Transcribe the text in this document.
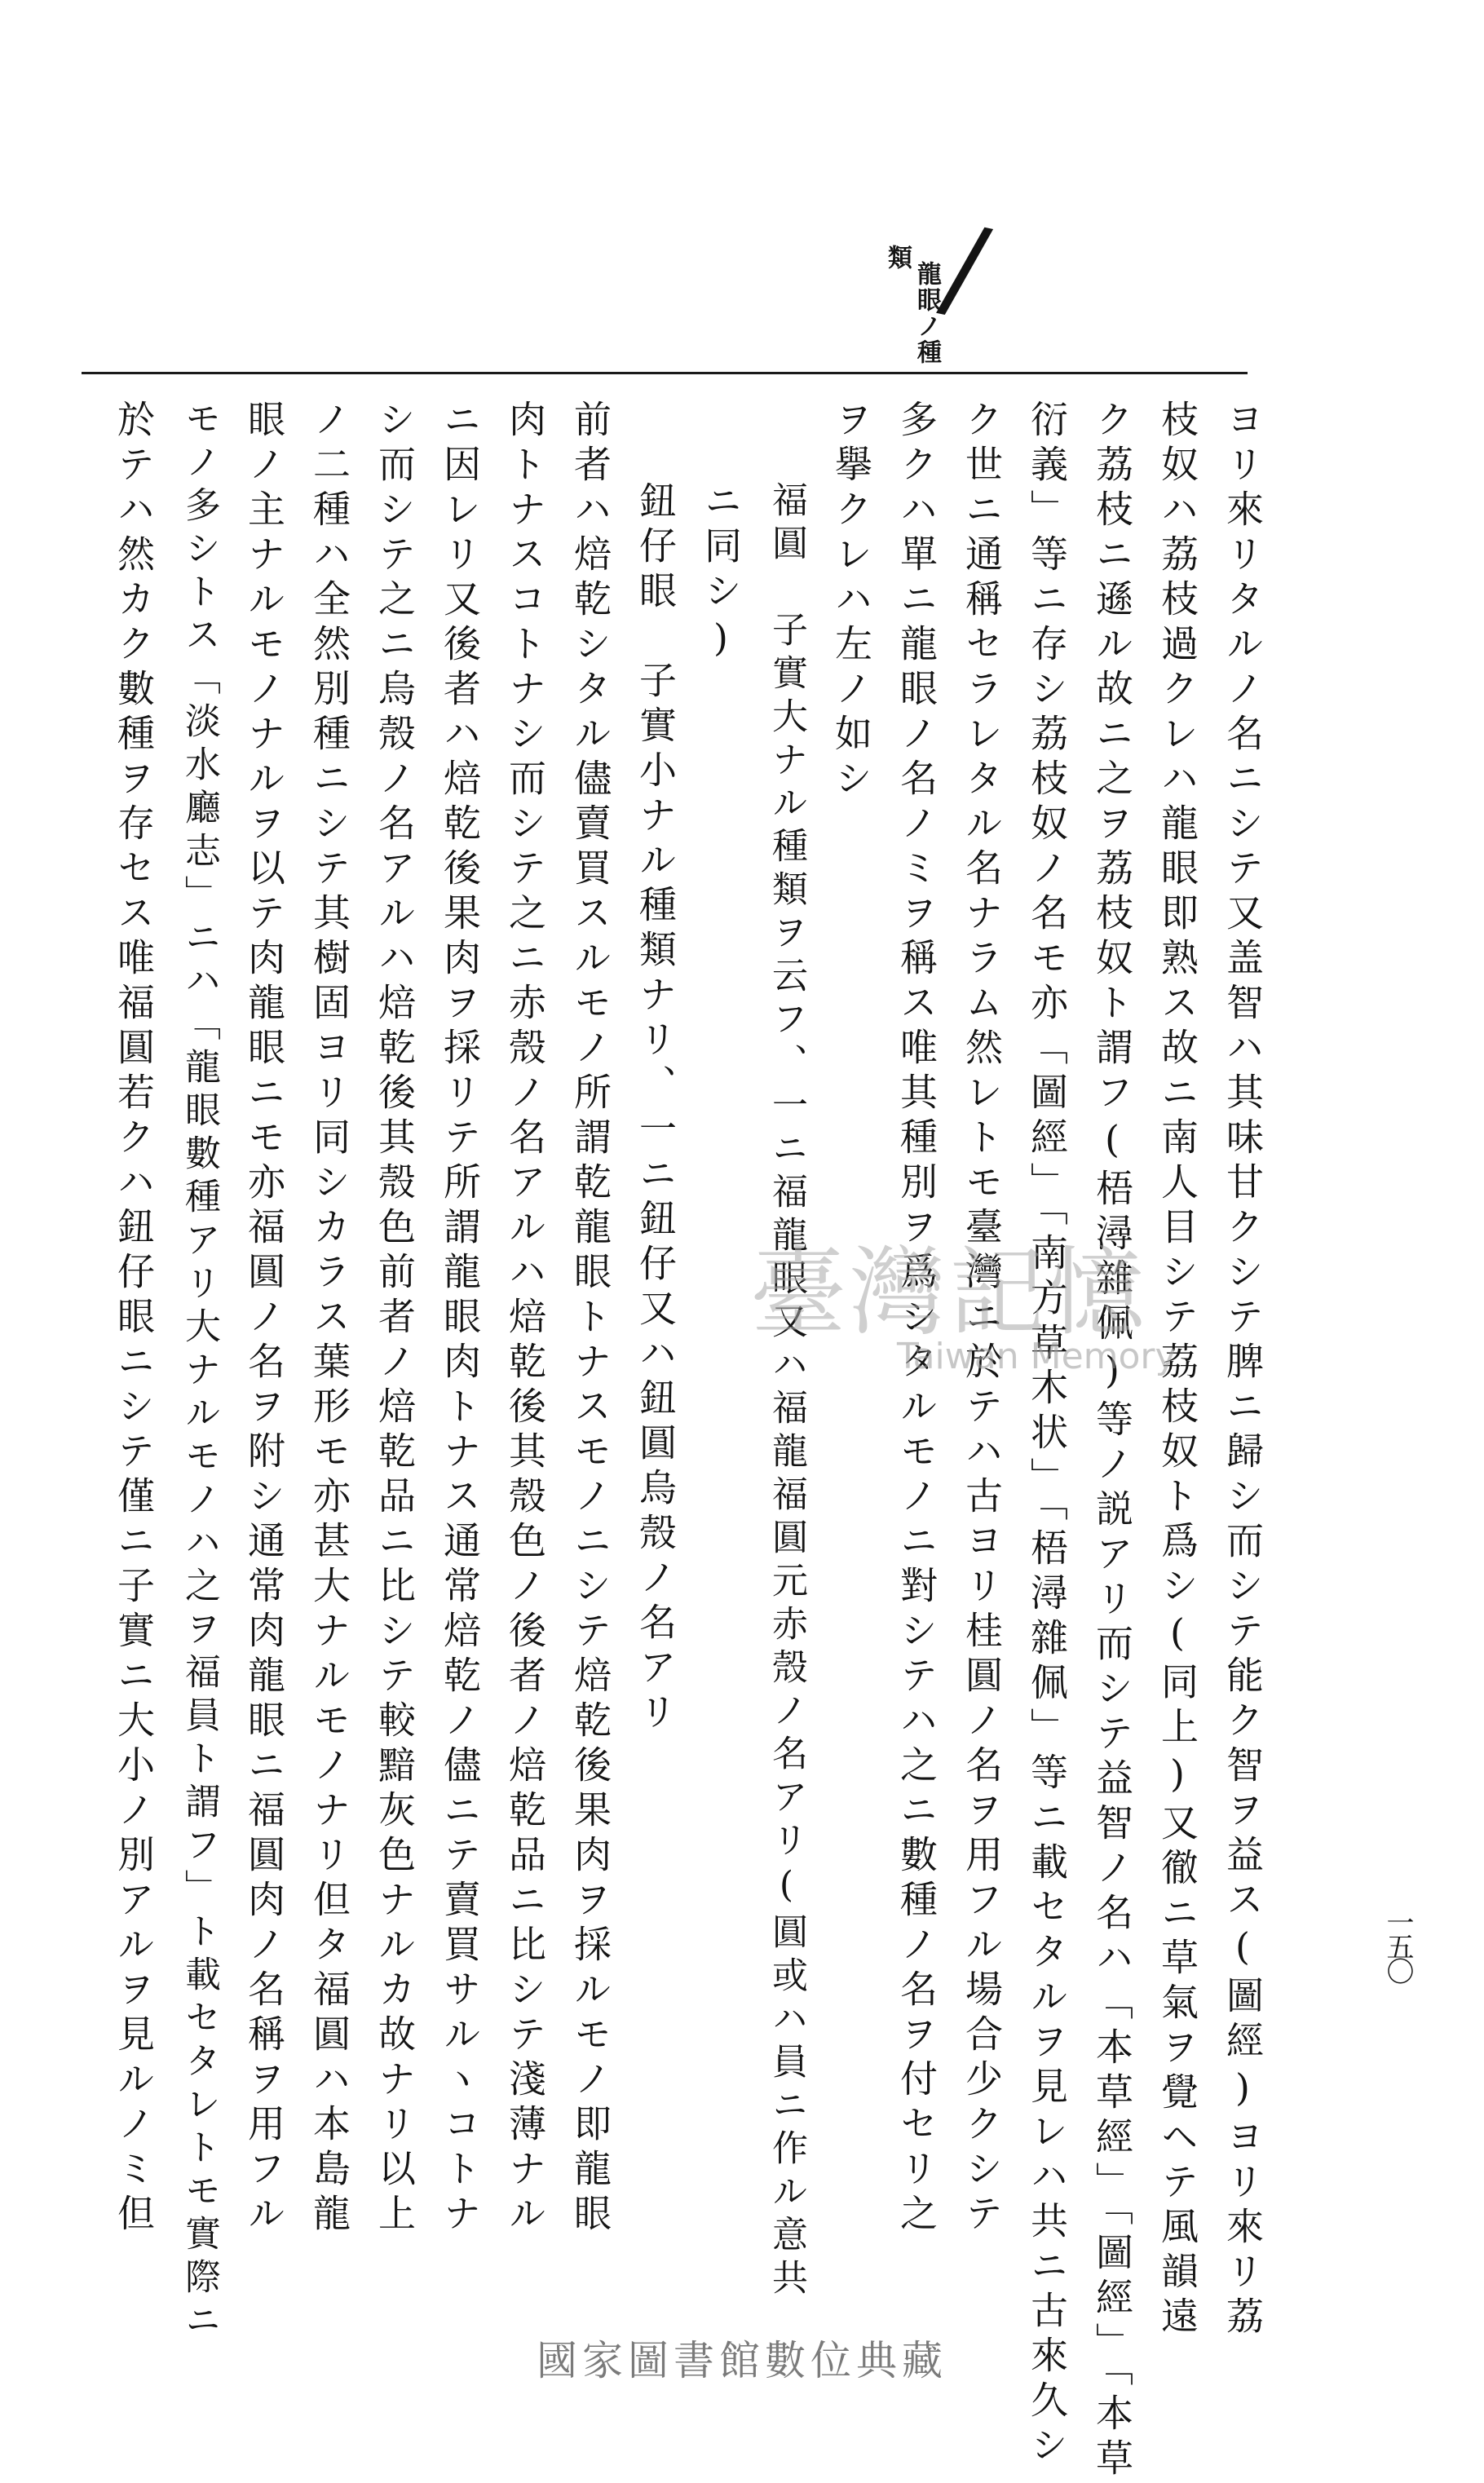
/
龍眼ノ種
類
一五〇
ヨリ來リタルノ名ニシテ又盖智ハ其味甘クシテ脾ニ歸シ而シテ能ク智ヲ益ス(圖經)ヨリ來リ荔
枝奴ハ荔枝過クレハ龍眼即熟ス故ニ南人目シテ荔枝奴ト爲シ(同上)又徹ニ草氣ヲ覺ヘテ風韻遠
ク荔枝ニ遜ル故ニ之ヲ荔枝奴ト謂フ(梧潯雜佩)等ノ説アリ而シテ益智ノ名ハ「本草經」「圖經」「本草
衍義」等ニ存シ荔枝奴ノ名モ亦「圖經」「南方草木状」「梧潯雜佩」等ニ載セタルヲ見レハ共ニ古來久シ
ク世ニ通稱セラレタル名ナラム然レトモ臺灣ニ於テハ古ヨリ桂圓ノ名ヲ用フル場合少クシテ
多クハ單ニ龍眼ノ名ノミヲ稱ス唯其種別ヲ爲シタルモノニ對シテハ之ニ數種ノ名ヲ付セリ之
ヲ擧クレハ左ノ如シ
福圓　子實大ナル種類ヲ云フ、一ニ福龍眼又ハ福龍福圓元赤殼ノ名アリ(圓或ハ員ニ作ル意共
ニ同シ)
鈕仔眼　子實小ナル種類ナリ、一ニ鈕仔又ハ鈕圓烏殼ノ名アリ
前者ハ焙乾シタル儘賣買スルモノ所謂乾龍眼トナスモノニシテ焙乾後果肉ヲ採ルモノ即龍眼
肉トナスコトナシ而シテ之ニ赤殼ノ名アルハ焙乾後其殼色ノ後者ノ焙乾品ニ比シテ淺薄ナル
ニ因レリ又後者ハ焙乾後果肉ヲ採リテ所謂龍眼肉トナス通常焙乾ノ儘ニテ賣買サルヽコトナ
シ而シテ之ニ烏殼ノ名アルハ焙乾後其殼色前者ノ焙乾品ニ比シテ較黯灰色ナルカ故ナリ以上
ノ二種ハ全然別種ニシテ其樹固ヨリ同シカラス葉形モ亦甚大ナルモノナリ但タ福圓ハ本島龍
眼ノ主ナルモノナルヲ以テ肉龍眼ニモ亦福圓ノ名ヲ附シ通常肉龍眼ニ福圓肉ノ名稱ヲ用フル
モノ多シトス「淡水廳志」ニハ「龍眼數種アリ大ナルモノハ之ヲ福員ト謂フ」ト載セタレトモ實際ニ
於テハ然カク數種ヲ存セス唯福圓若クハ鈕仔眼ニシテ僅ニ子實ニ大小ノ別アルヲ見ルノミ但	臺灣記憶
Taiwan Memory
國家圖書館數位典藏
